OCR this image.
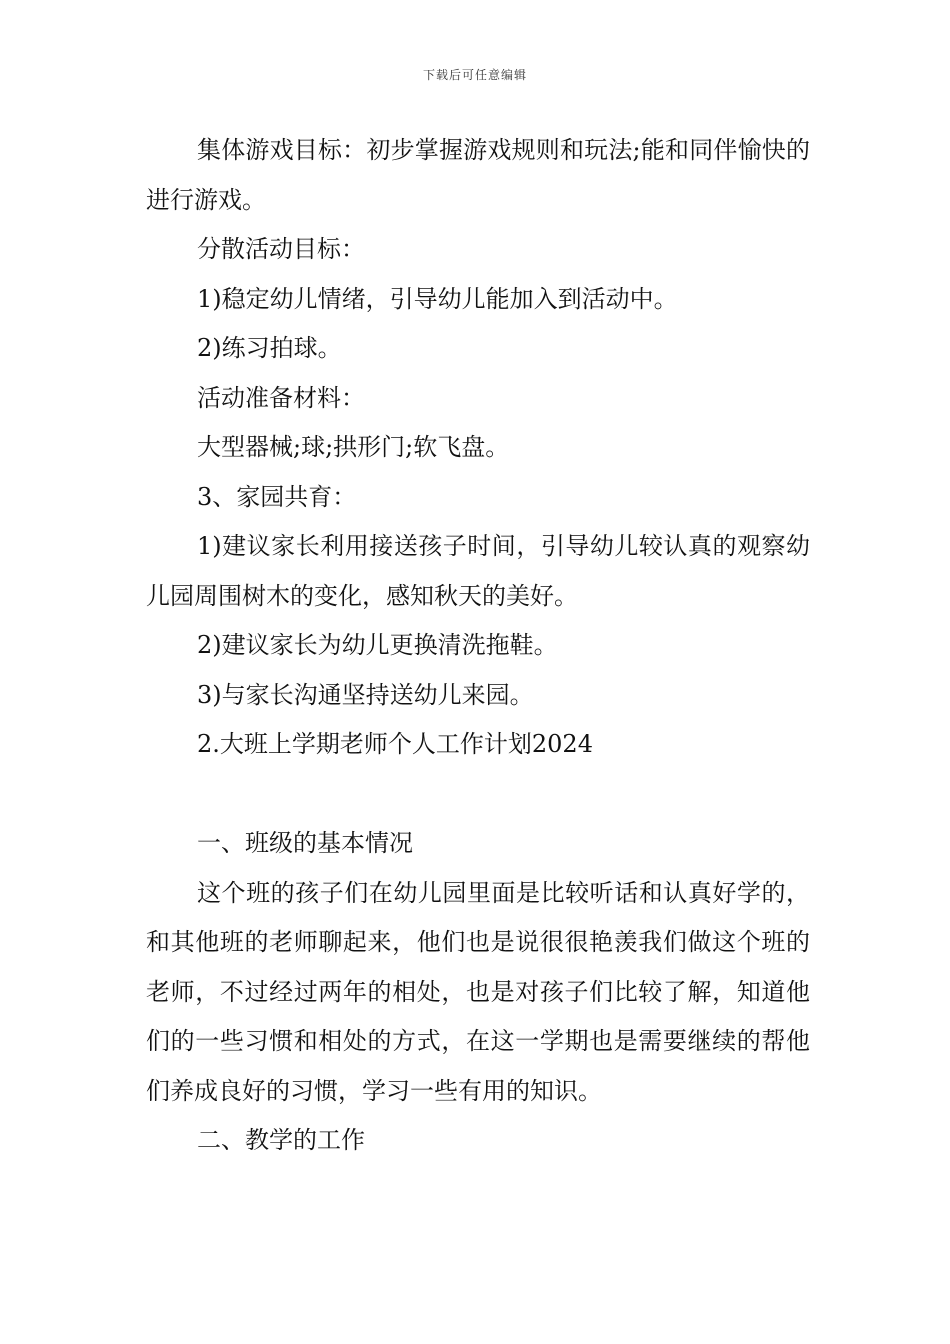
下载后可任意编辑

集体游戏目标：初步掌握游戏规则和玩法;能和同伴愉快的进行游戏。

分散活动目标：

1)稳定幼儿情绪，引导幼儿能加入到活动中。

2)练习拍球。

活动准备材料：

大型器械;球;拱形门;软飞盘。

3、家园共育：

1)建议家长利用接送孩子时间，引导幼儿较认真的观察幼儿园周围树木的变化，感知秋天的美好。

2)建议家长为幼儿更换清洗拖鞋。

3)与家长沟通坚持送幼儿来园。

2.大班上学期老师个人工作计划2024

一、班级的基本情况

这个班的孩子们在幼儿园里面是比较听话和认真好学的，和其他班的老师聊起来，他们也是说很很艳羡我们做这个班的老师，不过经过两年的相处，也是对孩子们比较了解，知道他们的一些习惯和相处的方式，在这一学期也是需要继续的帮他们养成良好的习惯，学习一些有用的知识。

二、教学的工作
